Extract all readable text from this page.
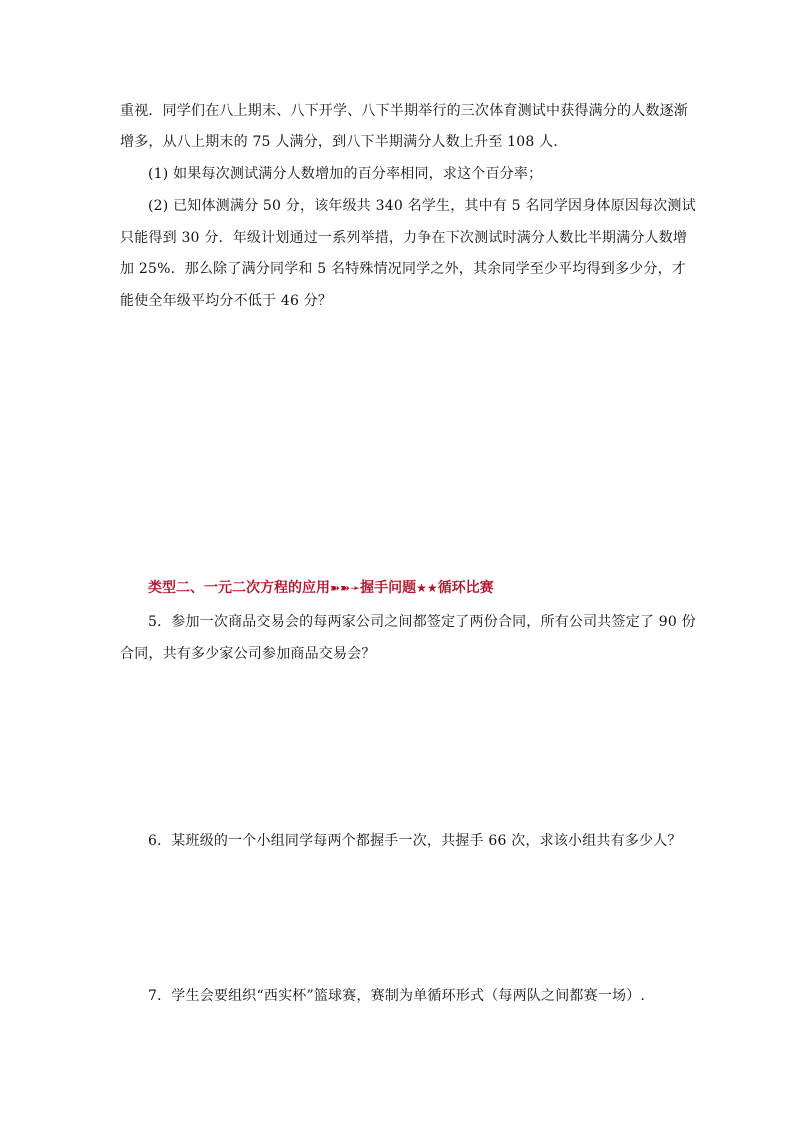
重视．同学们在八上期末、八下开学、八下半期举行的三次体育测试中获得满分的人数逐渐
增多，从八上期末的 75 人满分，到八下半期满分人数上升至 108 人．
(1) 如果每次测试满分人数增加的百分率相同，求这个百分率；
(2) 已知体测满分 50 分，该年级共 340 名学生，其中有 5 名同学因身体原因每次测试
只能得到 30 分．年级计划通过一系列举措，力争在下次测试时满分人数比半期满分人数增
加 25%．那么除了满分同学和 5 名特殊情况同学之外，其余同学至少平均得到多少分，才
能使全年级平均分不低于 46 分？
类型二、一元二次方程的应用➽➽➛握手问题★★循环比赛
5．参加一次商品交易会的每两家公司之间都签定了两份合同，所有公司共签定了 90 份
合同，共有多少家公司参加商品交易会？
6．某班级的一个小组同学每两个都握手一次，共握手 66 次，求该小组共有多少人？
7．学生会要组织“西实杯”篮球赛，赛制为单循环形式（每两队之间都赛一场）.
